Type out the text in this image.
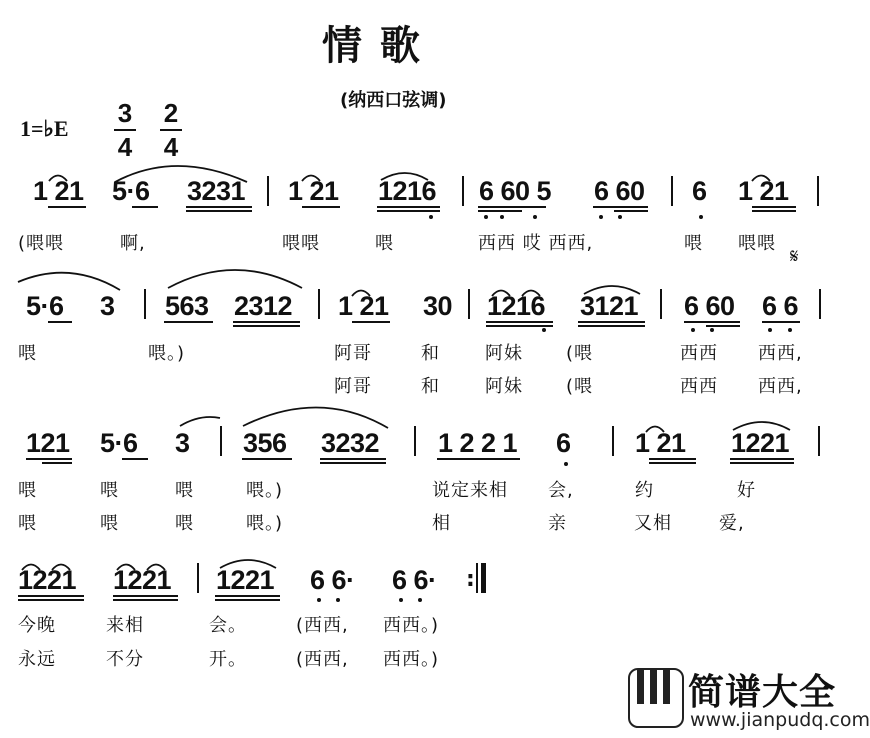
情 歌
(纳西口弦调)
1=♭E
3
4
2
4
1 21 5·6 3231 1 21 1216 6 60 5 6 60 6 1 21
(喂喂	啊,	喂喂	喂	西西 哎 西西,	喂 喂喂
𝄋
5·6 3 563 2312 1 21 30 1216 3121 6 60 6 6
喂	喂。)	阿哥	和	阿妹 (喂	西西 西西,
阿哥	和	阿妹 (喂	西西 西西,
121 5·6 3 356 3232 1 2 2 1 6 1 21 1221
喂	喂	喂	喂。)	说定来相 会,	约	好
喂	喂	喂	喂。)	相	亲	又相	爱,
1221 1221 1221 6 6· 6 6· :
今晚	来相	会。	(西西, 西西。)
永远	不分	开。	(西西, 西西。)
简谱大全
www.jianpudq.com
